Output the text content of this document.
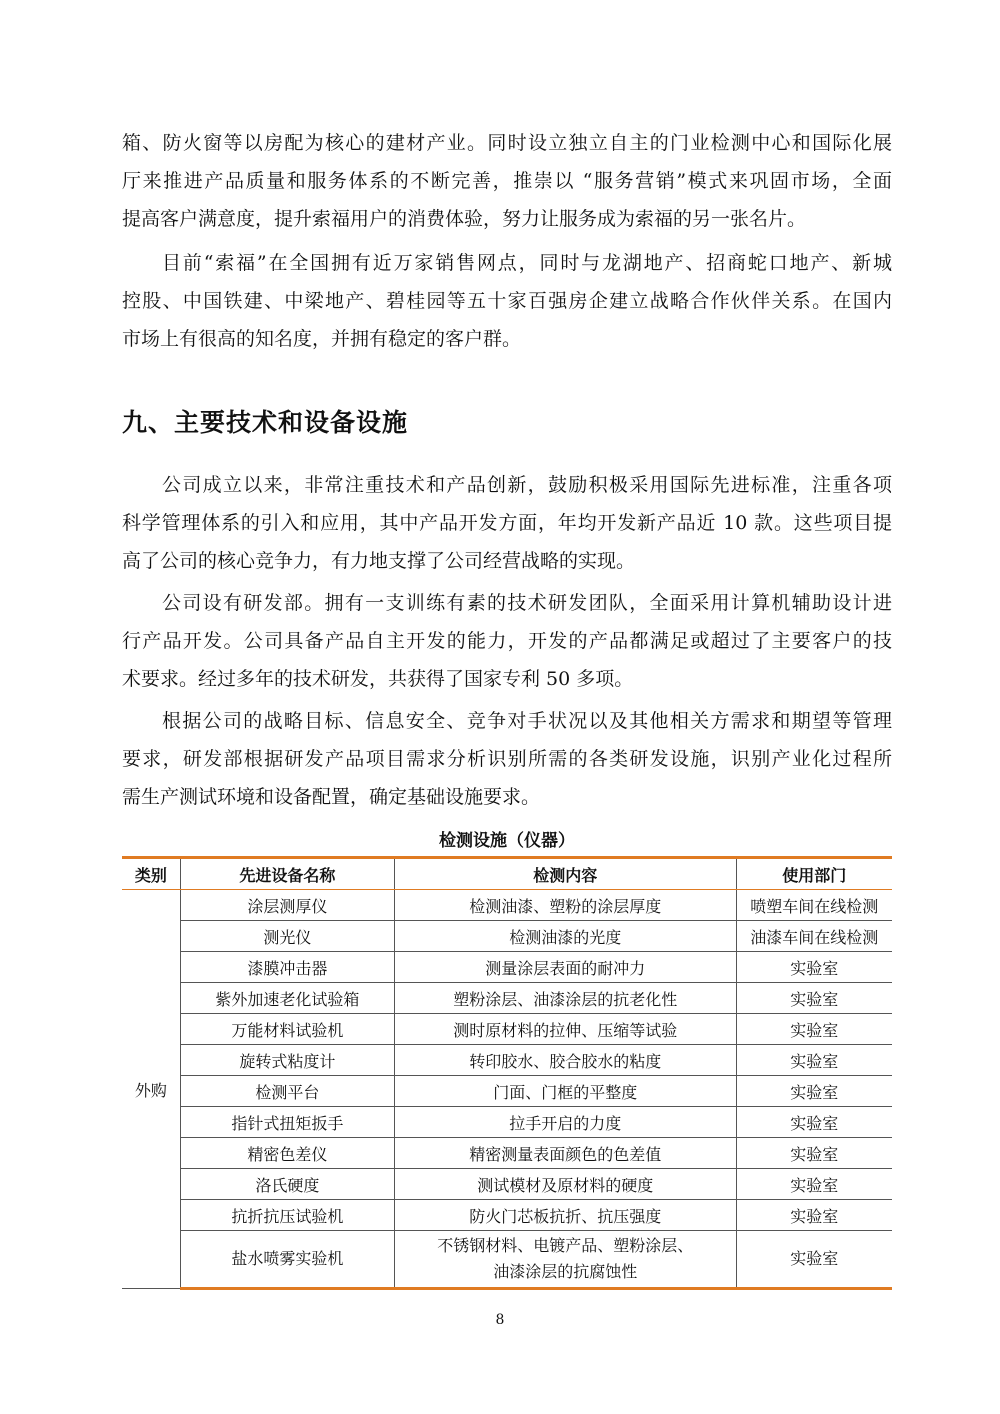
箱、防火窗等以房配为核心的建材产业。同时设立独立自主的门业检测中心和国际化展
厅来推进产品质量和服务体系的不断完善，推崇以 “服务营销”模式来巩固市场，全面
提高客户满意度，提升索福用户的消费体验，努力让服务成为索福的另一张名片。
目前“索福”在全国拥有近万家销售网点，同时与龙湖地产、招商蛇口地产、新城
控股、中国铁建、中梁地产、碧桂园等五十家百强房企建立战略合作伙伴关系。在国内
市场上有很高的知名度，并拥有稳定的客户群。
九、主要技术和设备设施
公司成立以来，非常注重技术和产品创新，鼓励积极采用国际先进标准，注重各项
科学管理体系的引入和应用，其中产品开发方面，年均开发新产品近 10 款。这些项目提
高了公司的核心竞争力，有力地支撑了公司经营战略的实现。
公司设有研发部。拥有一支训练有素的技术研发团队，全面采用计算机辅助设计进
行产品开发。公司具备产品自主开发的能力，开发的产品都满足或超过了主要客户的技
术要求。经过多年的技术研发，共获得了国家专利 50 多项。
根据公司的战略目标、信息安全、竞争对手状况以及其他相关方需求和期望等管理
要求，研发部根据研发产品项目需求分析识别所需的各类研发设施，识别产业化过程所
需生产测试环境和设备配置，确定基础设施要求。
检测设施（仪器）
类别	先进设备名称	检测内容	使用部门
外购	涂层测厚仪	检测油漆、塑粉的涂层厚度	喷塑车间在线检测
	测光仪	检测油漆的光度	油漆车间在线检测
	漆膜冲击器	测量涂层表面的耐冲力	实验室
	紫外加速老化试验箱	塑粉涂层、油漆涂层的抗老化性	实验室
	万能材料试验机	测时原材料的拉伸、压缩等试验	实验室
	旋转式粘度计	转印胶水、胶合胶水的粘度	实验室
	检测平台	门面、门框的平整度	实验室
	指针式扭矩扳手	拉手开启的力度	实验室
	精密色差仪	精密测量表面颜色的色差值	实验室
	洛氏硬度	测试模材及原材料的硬度	实验室
	抗折抗压试验机	防火门芯板抗折、抗压强度	实验室
	盐水喷雾实验机	不锈钢材料、电镀产品、塑粉涂层、
油漆涂层的抗腐蚀性	实验室
8
